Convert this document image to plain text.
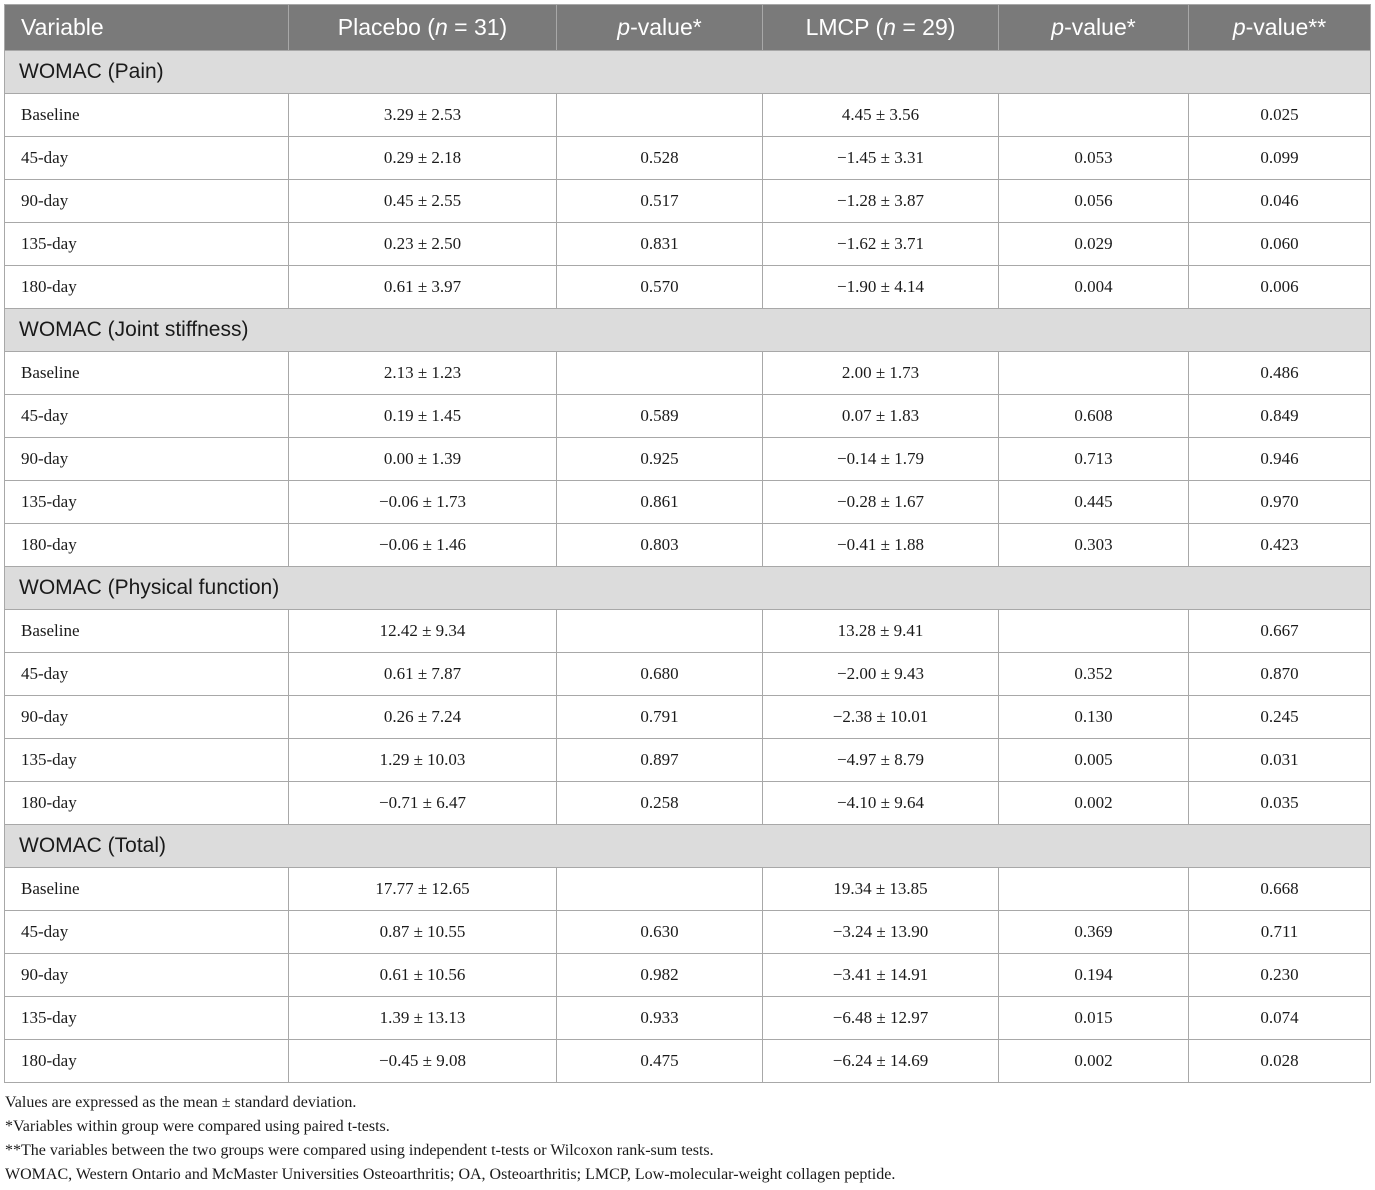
Variable	Placebo (n = 31)	p-value*	LMCP (n = 29)	p-value*	p-value**
WOMAC (Pain)					
Baseline	3.29 ± 2.53		4.45 ± 3.56		0.025
45-day	0.29 ± 2.18	0.528	−1.45 ± 3.31	0.053	0.099
90-day	0.45 ± 2.55	0.517	−1.28 ± 3.87	0.056	0.046
135-day	0.23 ± 2.50	0.831	−1.62 ± 3.71	0.029	0.060
180-day	0.61 ± 3.97	0.570	−1.90 ± 4.14	0.004	0.006
WOMAC (Joint stiffness)					
Baseline	2.13 ± 1.23		2.00 ± 1.73		0.486
45-day	0.19 ± 1.45	0.589	0.07 ± 1.83	0.608	0.849
90-day	0.00 ± 1.39	0.925	−0.14 ± 1.79	0.713	0.946
135-day	−0.06 ± 1.73	0.861	−0.28 ± 1.67	0.445	0.970
180-day	−0.06 ± 1.46	0.803	−0.41 ± 1.88	0.303	0.423
WOMAC (Physical function)					
Baseline	12.42 ± 9.34		13.28 ± 9.41		0.667
45-day	0.61 ± 7.87	0.680	−2.00 ± 9.43	0.352	0.870
90-day	0.26 ± 7.24	0.791	−2.38 ± 10.01	0.130	0.245
135-day	1.29 ± 10.03	0.897	−4.97 ± 8.79	0.005	0.031
180-day	−0.71 ± 6.47	0.258	−4.10 ± 9.64	0.002	0.035
WOMAC (Total)					
Baseline	17.77 ± 12.65		19.34 ± 13.85		0.668
45-day	0.87 ± 10.55	0.630	−3.24 ± 13.90	0.369	0.711
90-day	0.61 ± 10.56	0.982	−3.41 ± 14.91	0.194	0.230
135-day	1.39 ± 13.13	0.933	−6.48 ± 12.97	0.015	0.074
180-day	−0.45 ± 9.08	0.475	−6.24 ± 14.69	0.002	0.028
Values are expressed as the mean ± standard deviation.
*Variables within group were compared using paired t-tests.
**The variables between the two groups were compared using independent t-tests or Wilcoxon rank-sum tests.
WOMAC, Western Ontario and McMaster Universities Osteoarthritis; OA, Osteoarthritis; LMCP, Low-molecular-weight collagen peptide.
